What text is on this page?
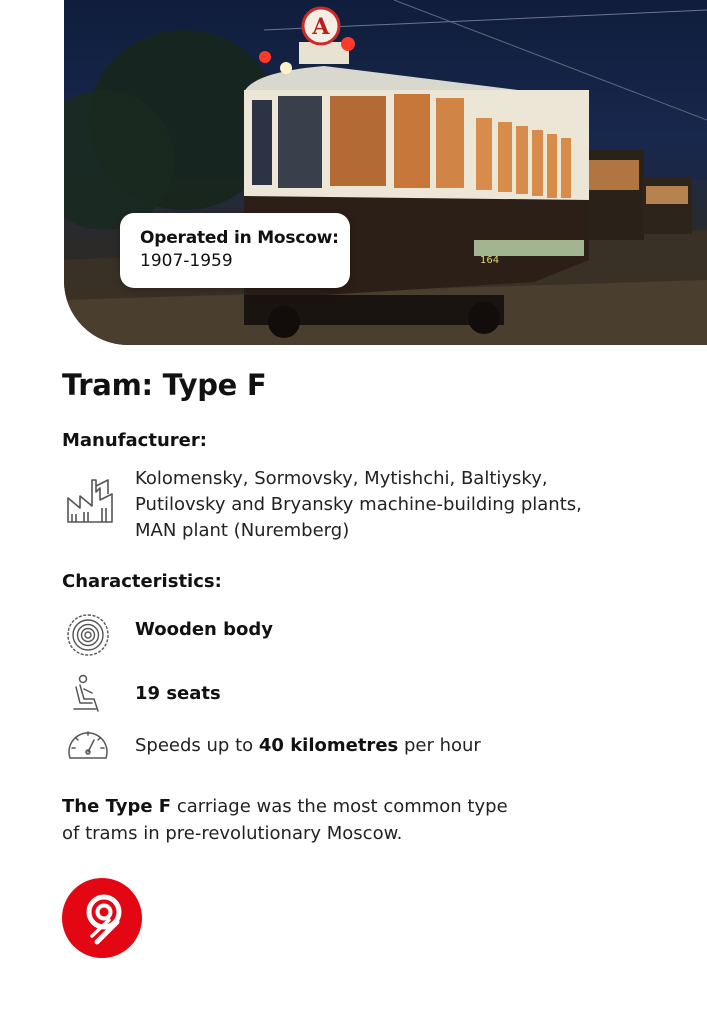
А
164
Operated in Moscow:
1907-1959
Tram: Type F
Manufacturer:
Kolomensky, Sormovsky, Mytishchi, Baltiysky,
Putilovsky and Bryansky machine-building plants,
MAN plant (Nuremberg)
Characteristics:
Wooden body
19 seats
Speeds up to 40 kilometres per hour
The Type F carriage was the most common type
of trams in pre-revolutionary Moscow.
